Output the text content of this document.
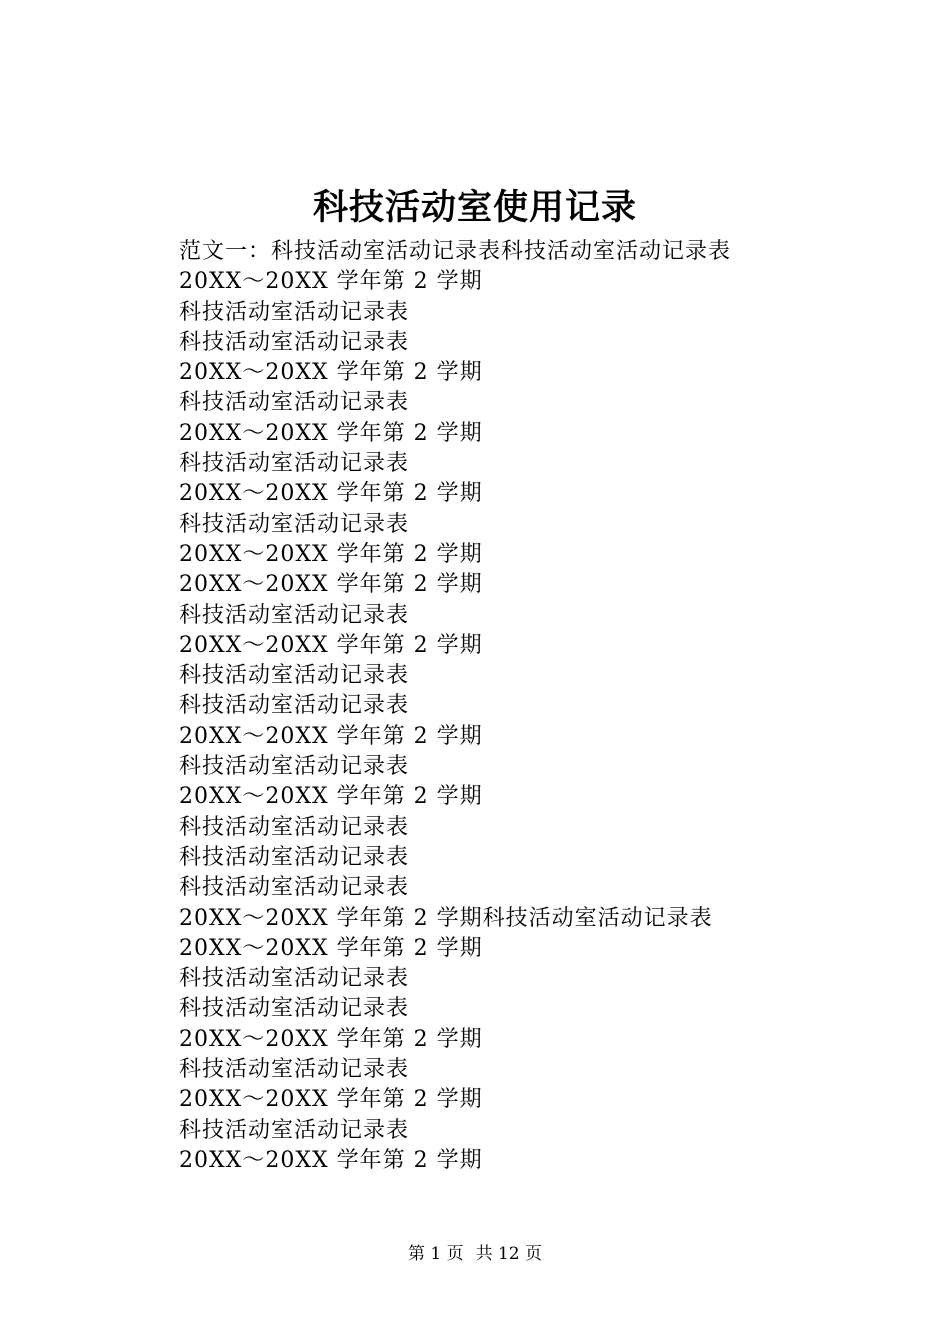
科技活动室使用记录
范文一：科技活动室活动记录表科技活动室活动记录表
20XX～20XX 学年第 2 学期
科技活动室活动记录表
科技活动室活动记录表
20XX～20XX 学年第 2 学期
科技活动室活动记录表
20XX～20XX 学年第 2 学期
科技活动室活动记录表
20XX～20XX 学年第 2 学期
科技活动室活动记录表
20XX～20XX 学年第 2 学期
20XX～20XX 学年第 2 学期
科技活动室活动记录表
20XX～20XX 学年第 2 学期
科技活动室活动记录表
科技活动室活动记录表
20XX～20XX 学年第 2 学期
科技活动室活动记录表
20XX～20XX 学年第 2 学期
科技活动室活动记录表
科技活动室活动记录表
科技活动室活动记录表
20XX～20XX 学年第 2 学期科技活动室活动记录表
20XX～20XX 学年第 2 学期
科技活动室活动记录表
科技活动室活动记录表
20XX～20XX 学年第 2 学期
科技活动室活动记录表
20XX～20XX 学年第 2 学期
科技活动室活动记录表
20XX～20XX 学年第 2 学期
第 1 页 共 12 页
